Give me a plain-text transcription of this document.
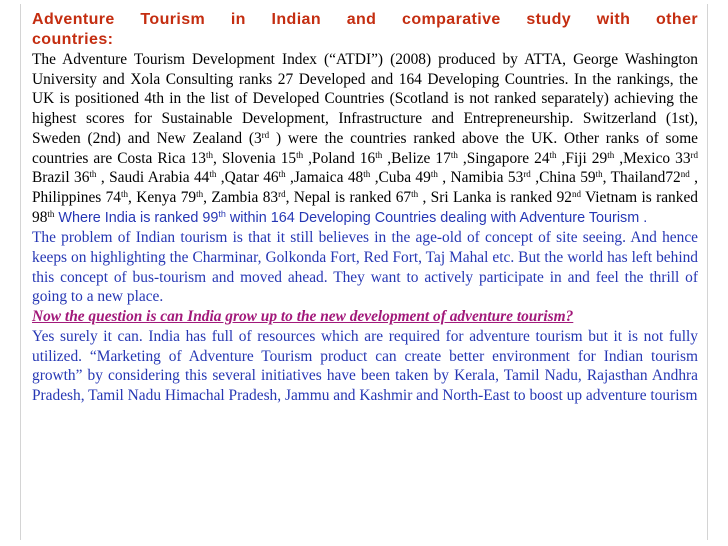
Adventure Tourism in Indian and comparative study with other
countries:

The Adventure Tourism Development Index (“ATDI”) (2008) produced by ATTA, George Washington University and Xola Consulting ranks 27 Developed and 164 Developing Countries. In the rankings, the UK is positioned 4th in the list of Developed Countries (Scotland is not ranked separately) achieving the highest scores for Sustainable Development, Infrastructure and Entrepreneurship. Switzerland (1st), Sweden (2nd) and New Zealand (3rd ) were the countries ranked above the UK. Other ranks of some countries are Costa Rica 13th, Slovenia 15th ,Poland 16th ,Belize 17th ,Singapore 24th ,Fiji 29th ,Mexico 33rd Brazil 36th , Saudi Arabia 44th ,Qatar 46th ,Jamaica 48th ,Cuba 49th , Namibia 53rd ,China 59th, Thailand72nd , Philippines 74th, Kenya 79th, Zambia 83rd, Nepal is ranked 67th , Sri Lanka is ranked 92nd Vietnam is ranked 98th Where India is ranked 99th within 164 Developing Countries dealing with Adventure Tourism .

The problem of Indian tourism is that it still believes in the age-old of concept of site seeing. And hence keeps on highlighting the Charminar, Golkonda Fort, Red Fort, Taj Mahal etc. But the world has left behind this concept of bus-tourism and moved ahead. They want to actively participate in and feel the thrill of going to a new place.

Now the question is can India grow up to the new development of adventure tourism?

Yes surely it can. India has full of resources which are required for adventure tourism but it is not fully utilized. “Marketing of Adventure Tourism product can create better environment for Indian tourism growth” by considering this several initiatives have been taken by Kerala, Tamil Nadu, Rajasthan Andhra Pradesh, Tamil Nadu Himachal Pradesh, Jammu and Kashmir and North-East to boost up adventure tourism
